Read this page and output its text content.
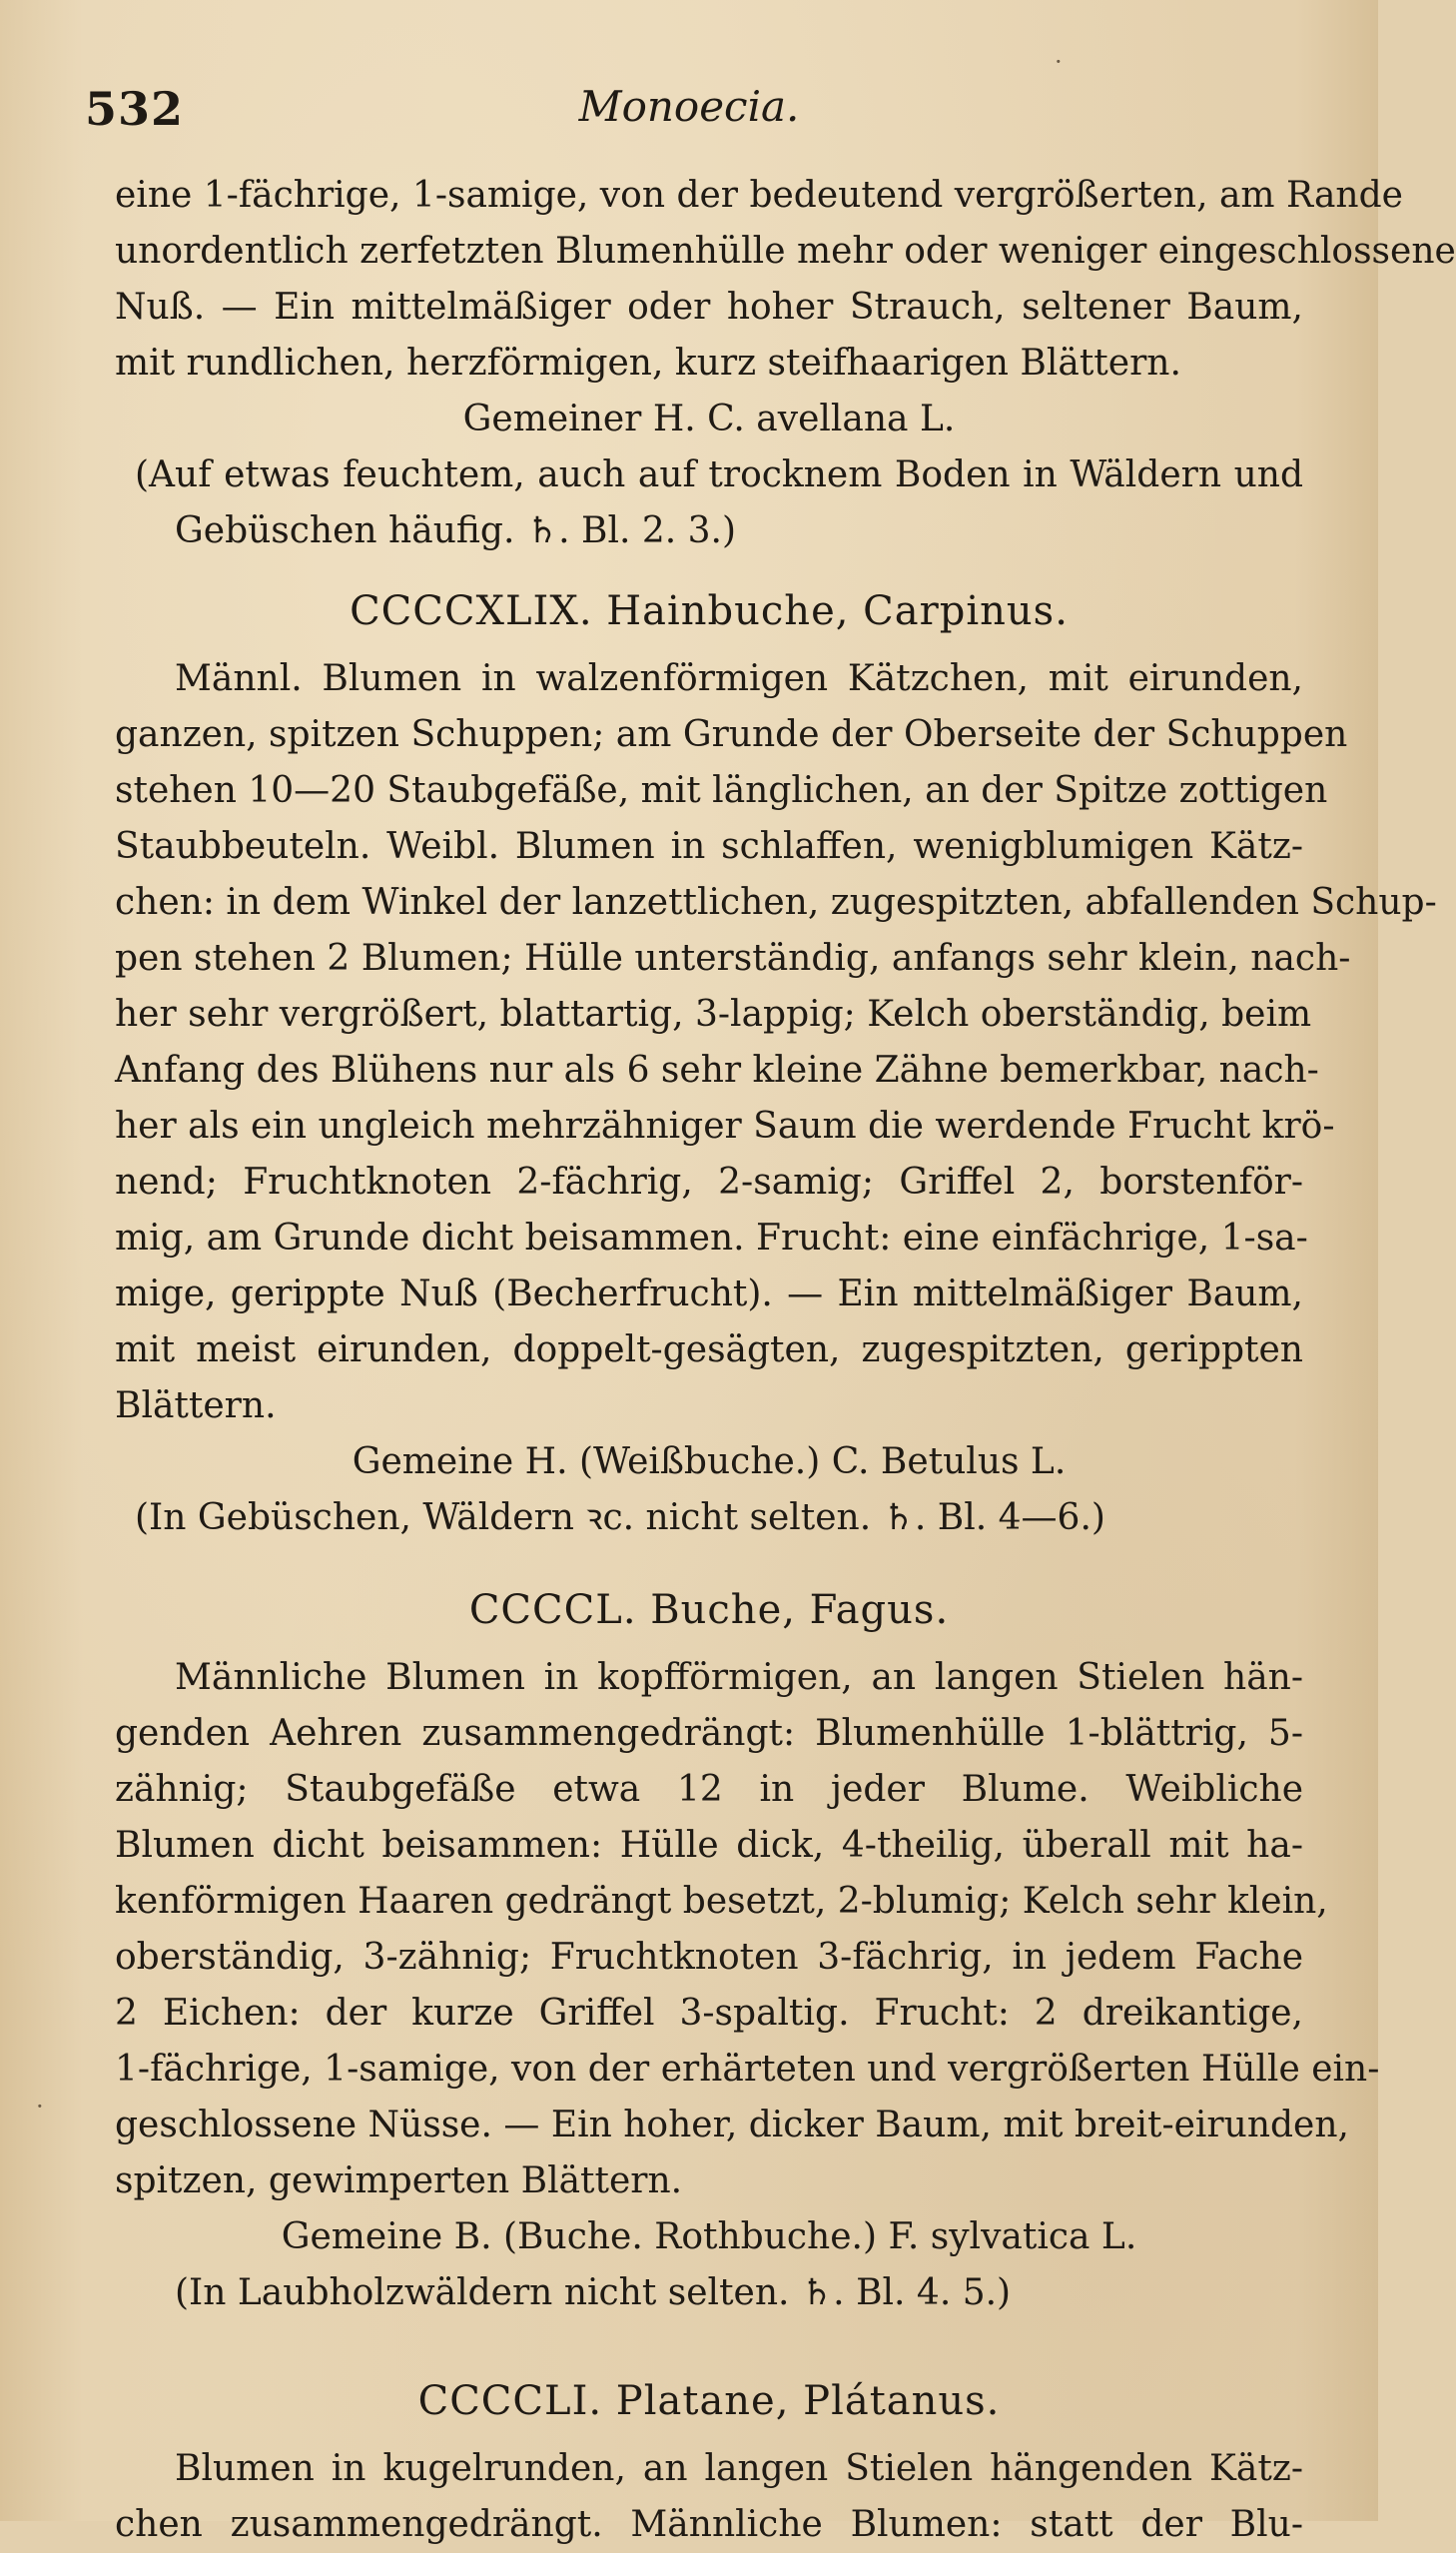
532	Monoecia.
eine 1-fächrige, 1-samige, von der bedeutend vergrößerten, am Rande
unordentlich zerfetzten Blumenhülle mehr oder weniger eingeschlossene
Nuß. — Ein mittelmäßiger oder hoher Strauch, seltener Baum,
mit rundlichen, herzförmigen, kurz steifhaarigen Blättern.
Gemeiner H. C. avellana L.
(Auf etwas feuchtem, auch auf trocknem Boden in Wäldern und
Gebüschen häufig. ♄. Bl. 2. 3.)
CCCCXLIX. Hainbuche, Carpinus.
Männl. Blumen in walzenförmigen Kätzchen, mit eirunden,
ganzen, spitzen Schuppen; am Grunde der Oberseite der Schuppen
stehen 10—20 Staubgefäße, mit länglichen, an der Spitze zottigen
Staubbeuteln. Weibl. Blumen in schlaffen, wenigblumigen Kätz-
chen: in dem Winkel der lanzettlichen, zugespitzten, abfallenden Schup-
pen stehen 2 Blumen; Hülle unterständig, anfangs sehr klein, nach-
her sehr vergrößert, blattartig, 3-lappig; Kelch oberständig, beim
Anfang des Blühens nur als 6 sehr kleine Zähne bemerkbar, nach-
her als ein ungleich mehrzähniger Saum die werdende Frucht krö-
nend; Fruchtknoten 2-fächrig, 2-samig; Griffel 2, borstenför-
mig, am Grunde dicht beisammen. Frucht: eine einfächrige, 1-sa-
mige, gerippte Nuß (Becherfrucht). — Ein mittelmäßiger Baum,
mit meist eirunden, doppelt-gesägten, zugespitzten, gerippten
Blättern.
Gemeine H. (Weißbuche.) C. Betulus L.
(In Gebüschen, Wäldern ꝛc. nicht selten. ♄. Bl. 4—6.)
CCCCL. Buche, Fagus.
Männliche Blumen in kopfförmigen, an langen Stielen hän-
genden Aehren zusammengedrängt: Blumenhülle 1-blättrig, 5-
zähnig; Staubgefäße etwa 12 in jeder Blume. Weibliche
Blumen dicht beisammen: Hülle dick, 4-theilig, überall mit ha-
kenförmigen Haaren gedrängt besetzt, 2-blumig; Kelch sehr klein,
oberständig, 3-zähnig; Fruchtknoten 3-fächrig, in jedem Fache
2 Eichen: der kurze Griffel 3-spaltig. Frucht: 2 dreikantige,
1-fächrige, 1-samige, von der erhärteten und vergrößerten Hülle ein-
geschlossene Nüsse. — Ein hoher, dicker Baum, mit breit-eirunden,
spitzen, gewimperten Blättern.
Gemeine B. (Buche. Rothbuche.) F. sylvatica L.
(In Laubholzwäldern nicht selten. ♄. Bl. 4. 5.)
CCCCLI. Platane, Plátanus.
Blumen in kugelrunden, an langen Stielen hängenden Kätz-
chen zusammengedrängt. Männliche Blumen: statt der Blu-
·
·
